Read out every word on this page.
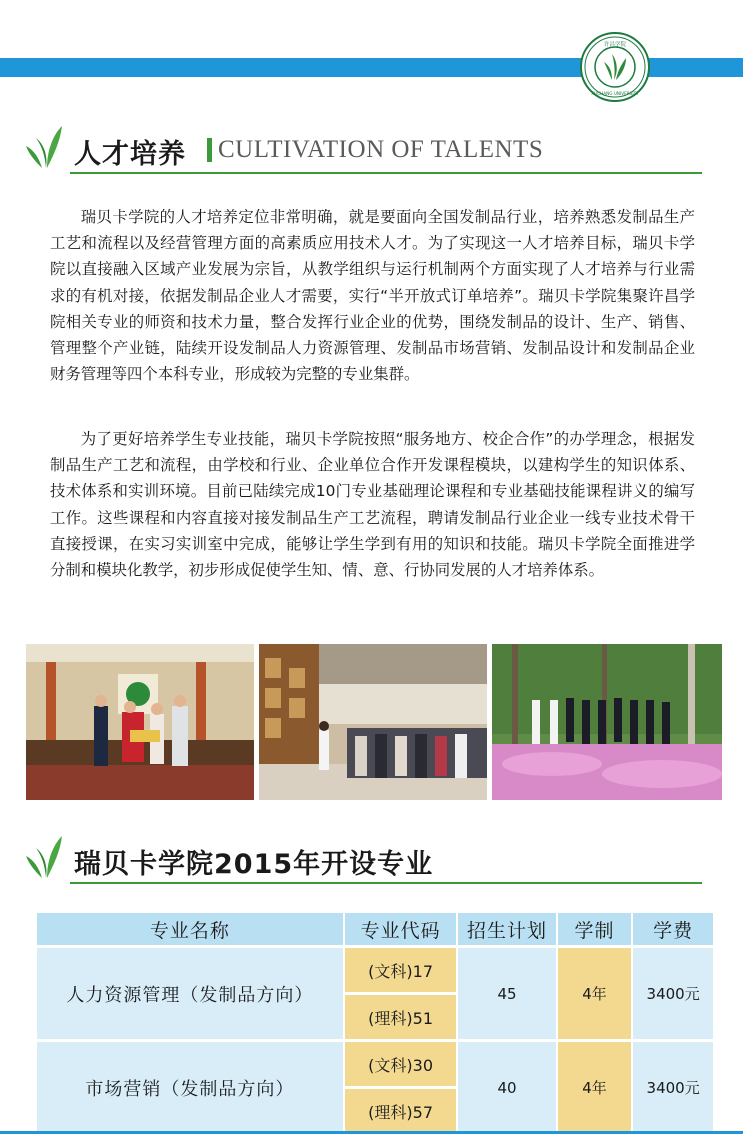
许昌学院
XUCHANG UNIVERSITY
人才培养 CULTIVATION OF TALENTS

瑞贝卡学院的人才培养定位非常明确，就是要面向全国发制品行业，培养熟悉发制品生产工艺和流程以及经营管理方面的高素质应用技术人才。为了实现这一人才培养目标，瑞贝卡学院以直接融入区域产业发展为宗旨，从教学组织与运行机制两个方面实现了人才培养与行业需求的有机对接，依据发制品企业人才需要，实行“半开放式订单培养”。瑞贝卡学院集聚许昌学院相关专业的师资和技术力量，整合发挥行业企业的优势，围绕发制品的设计、生产、销售、管理整个产业链，陆续开设发制品人力资源管理、发制品市场营销、发制品设计和发制品企业财务管理等四个本科专业，形成较为完整的专业集群。

为了更好培养学生专业技能，瑞贝卡学院按照“服务地方、校企合作”的办学理念，根据发制品生产工艺和流程，由学校和行业、企业单位合作开发课程模块，以建构学生的知识体系、技术体系和实训环境。目前已陆续完成10门专业基础理论课程和专业基础技能课程讲义的编写工作。这些课程和内容直接对接发制品生产工艺流程，聘请发制品行业企业一线专业技术骨干直接授课，在实习实训室中完成，能够让学生学到有用的知识和技能。瑞贝卡学院全面推进学分制和模块化教学，初步形成促使学生知、情、意、行协同发展的人才培养体系。

瑞贝卡学院2015年开设专业
专业名称	专业代码	招生计划	学制	学费
人力资源管理（发制品方向）	(文科)17	45	4年	3400元
	(理科)51			
市场营销（发制品方向）	(文科)30	40	4年	3400元
	(理科)57			
